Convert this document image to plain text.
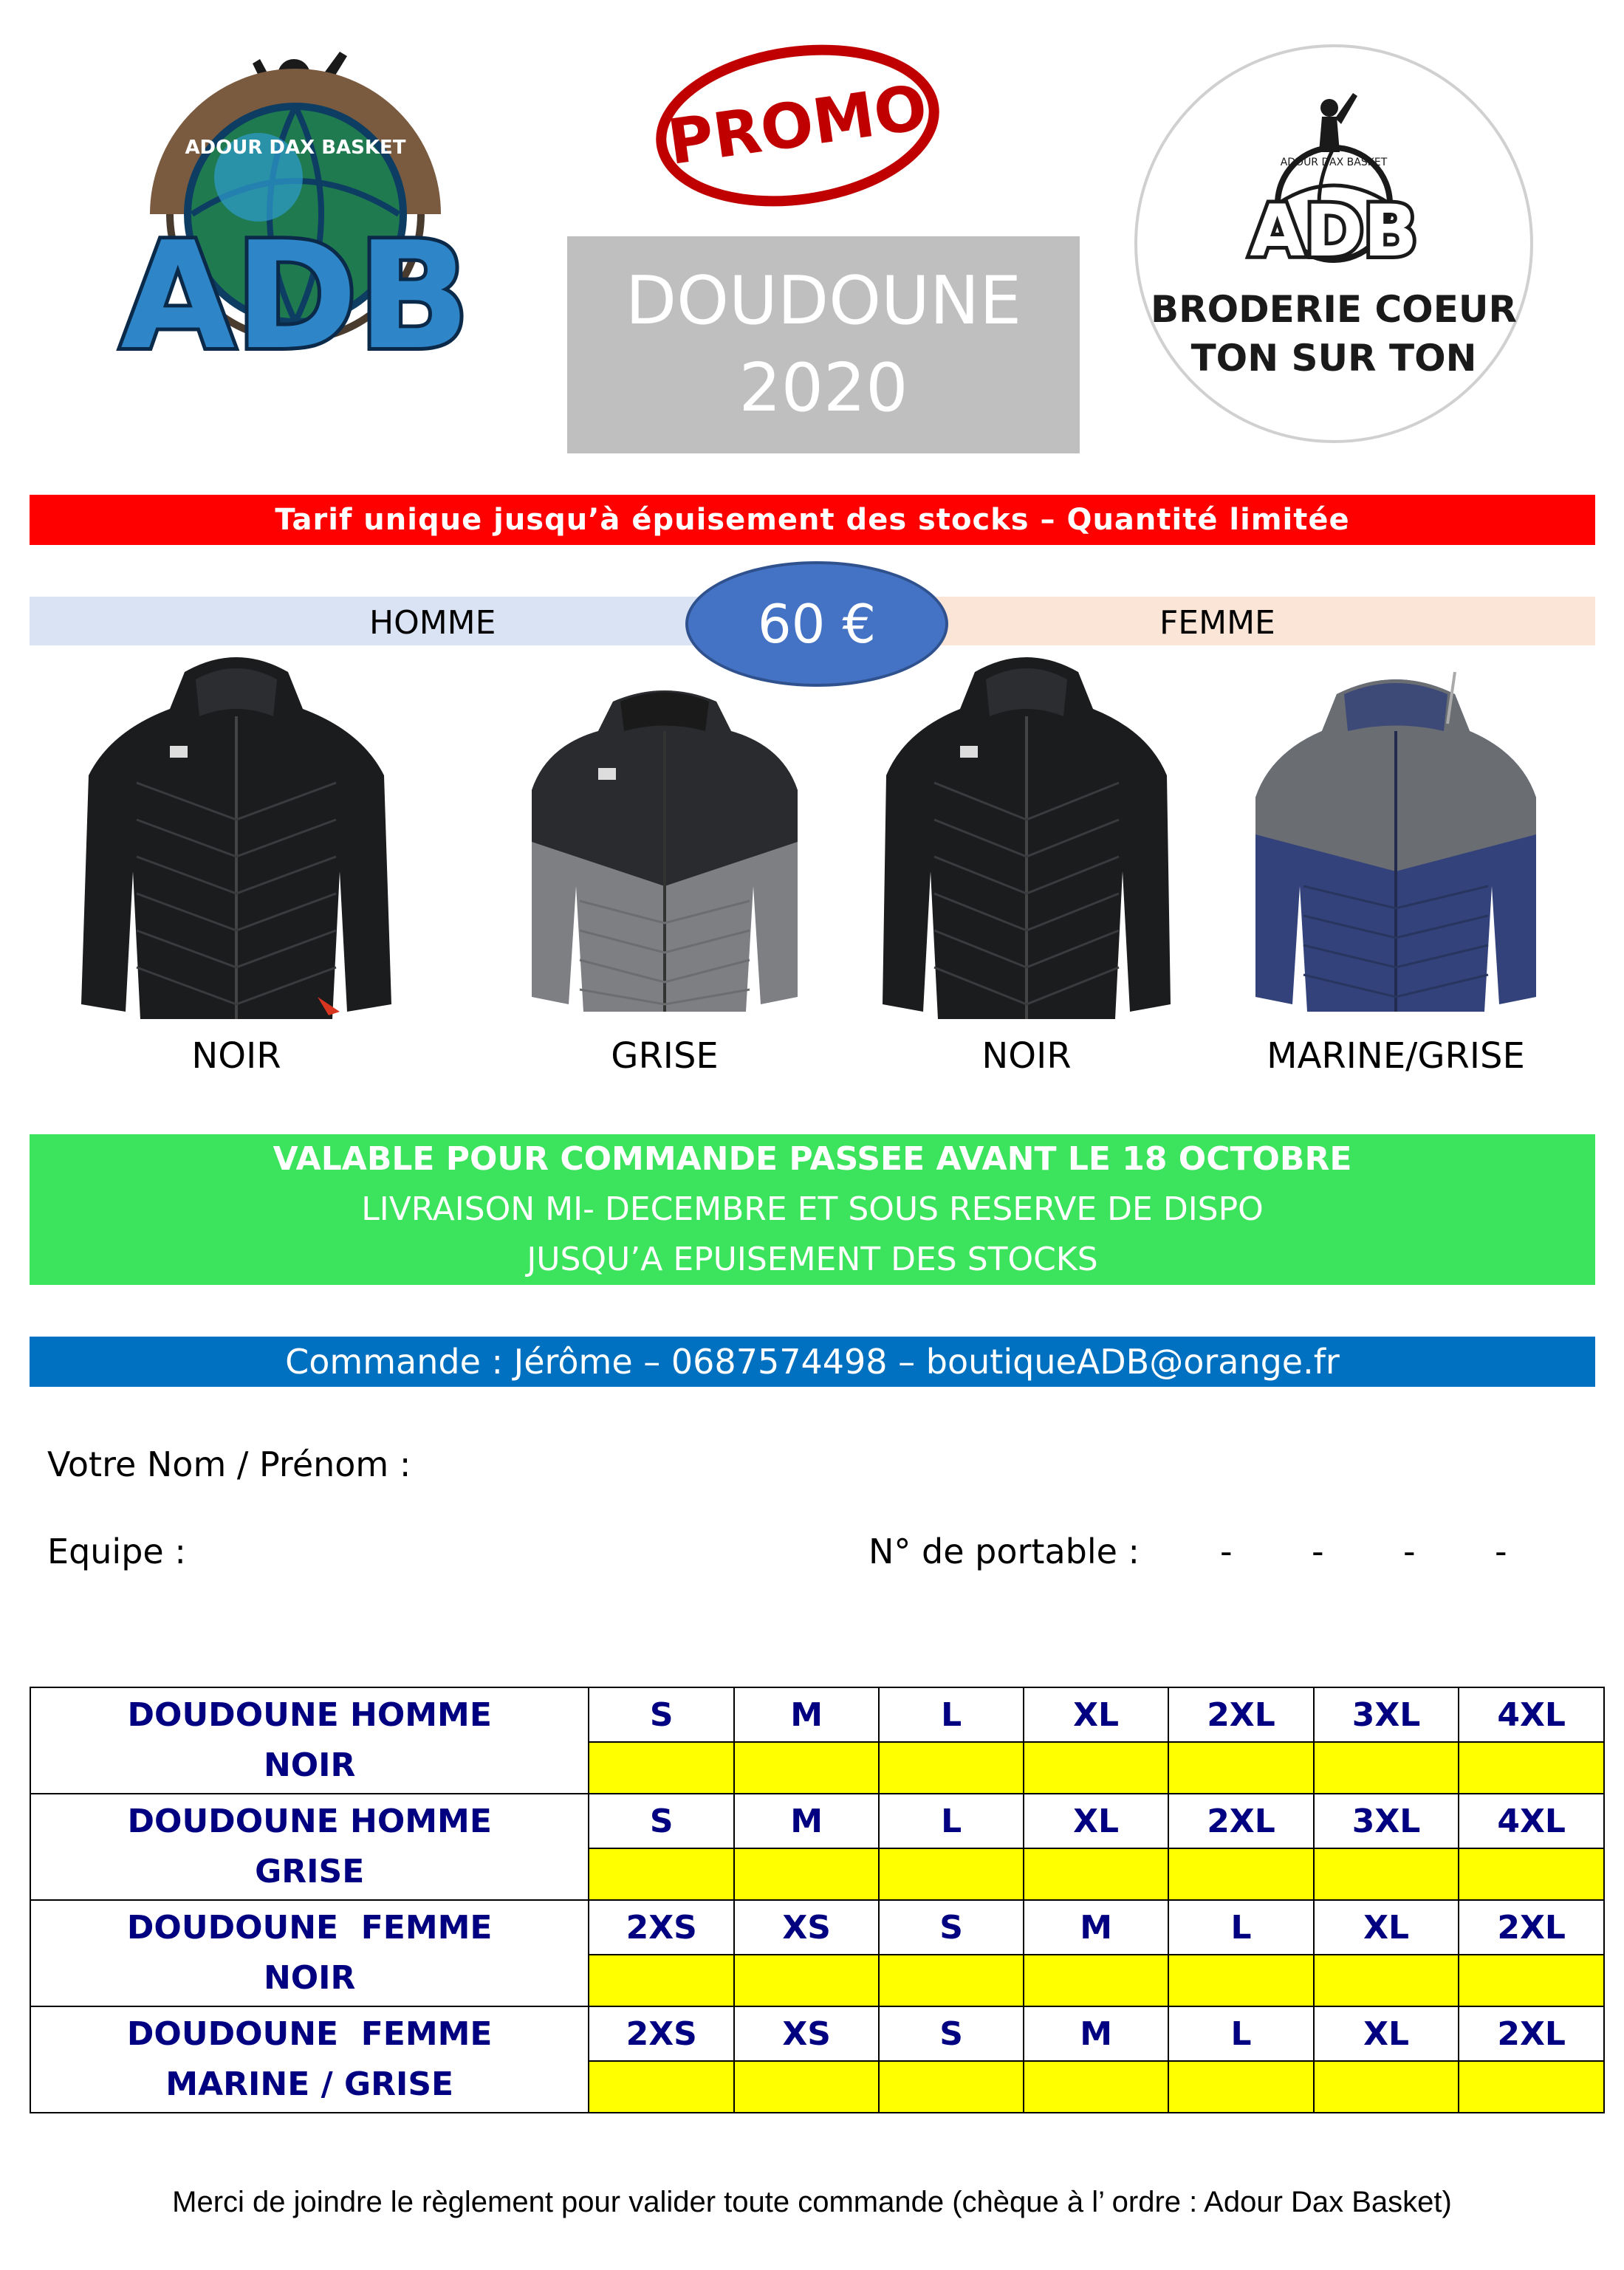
ADOUR DAX BASKET
ADB
PROMO
DOUDOUNE
2020
ADOUR DAX BASKET
ADB
BRODERIE COEUR
TON SUR TON
Tarif unique jusqu’à épuisement des stocks – Quantité limitée
HOMME	FEMME
60 €
NOIR	GRISE	NOIR	MARINE/GRISE
VALABLE POUR COMMANDE PASSEE AVANT LE 18 OCTOBRE
LIVRAISON MI- DECEMBRE ET SOUS RESERVE DE DISPO
JUSQU’A EPUISEMENT DES STOCKS
Commande : Jérôme – 0687574498 – boutiqueADB@orange.fr
Votre Nom / Prénom :
Equipe :	N° de portable : - - - -
DOUDOUNE HOMME
NOIR	S	M	L	XL	2XL	3XL	4XL

DOUDOUNE HOMME
GRISE	S	M	L	XL	2XL	3XL	4XL

DOUDOUNE  FEMME
NOIR	2XS	XS	S	M	L	XL	2XL

DOUDOUNE  FEMME
MARINE / GRISE	2XS	XS	S	M	L	XL	2XL

Merci de joindre le règlement pour valider toute commande (chèque à l’ ordre : Adour Dax Basket)
